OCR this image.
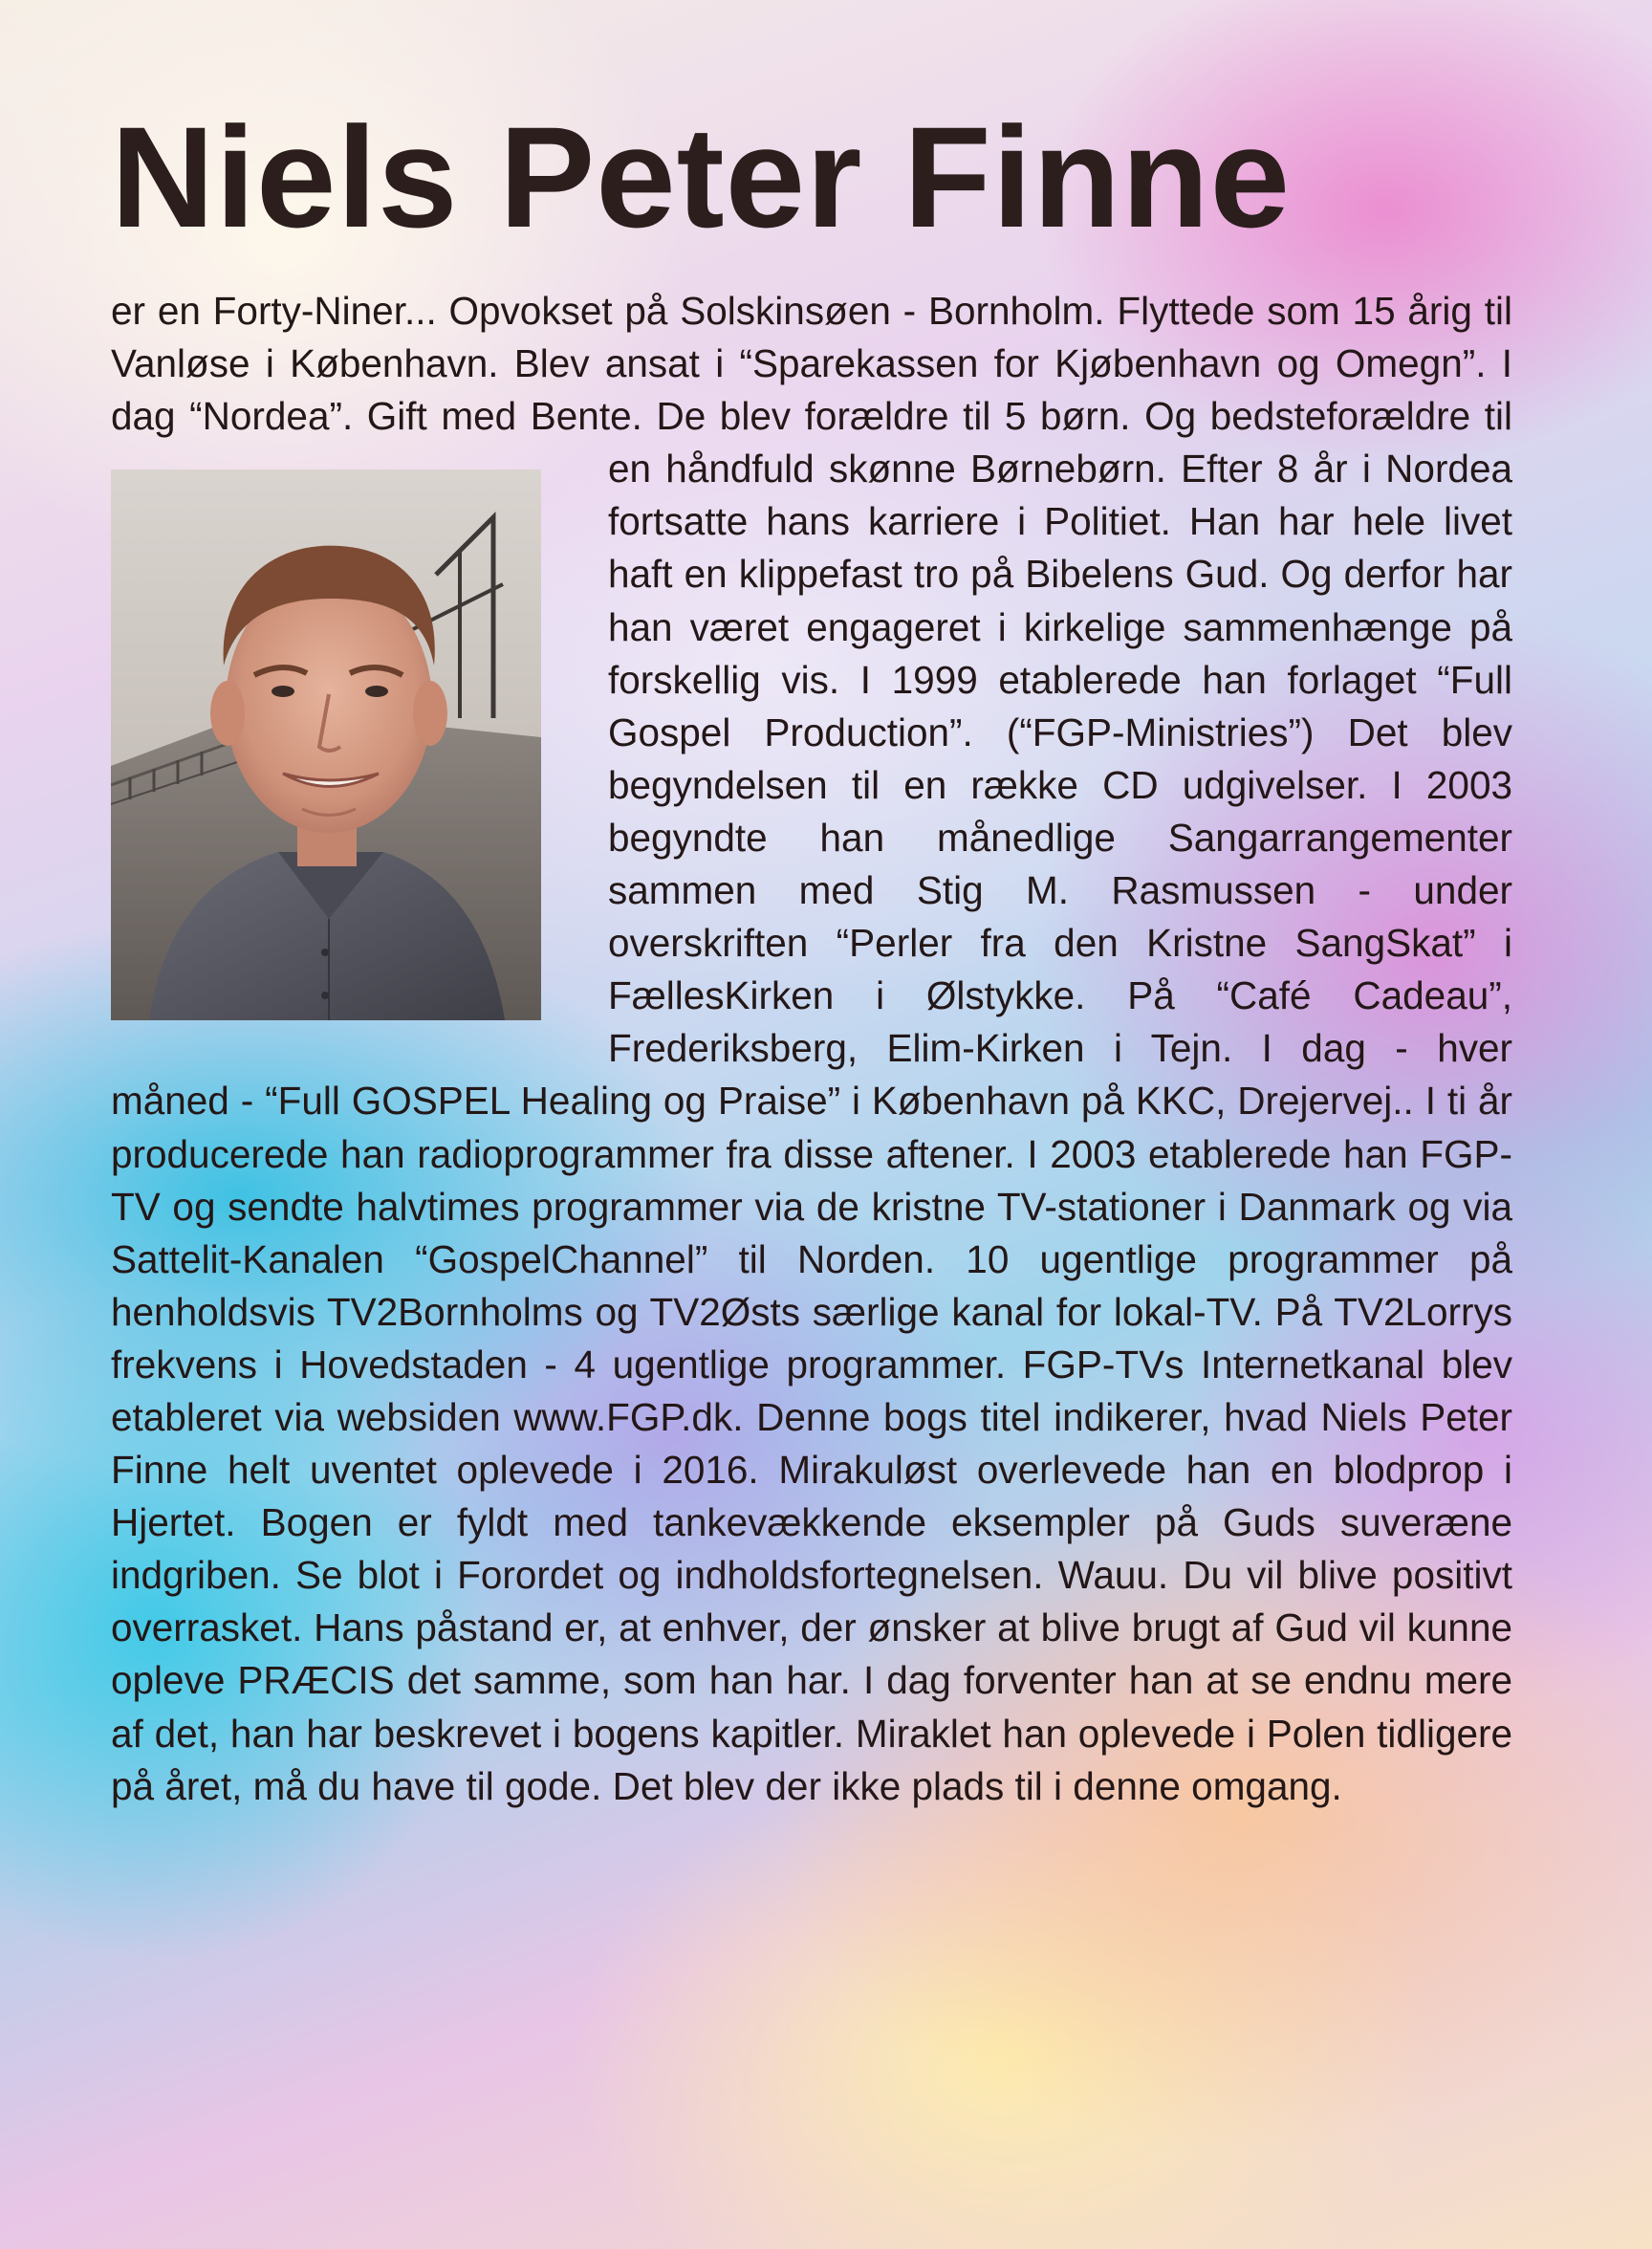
Niels Peter Finne
er en Forty-Niner... Opvokset på Solskinsøen - Bornholm. Flyttede som 15 årig til Vanløse i København. Blev ansat i “Sparekassen for Kjøbenhavn og Omegn”. I dag “Nordea”. Gift med Bente. De blev forældre til 5 børn. Og bedsteforældre til en håndfuld skønne Børnebørn. Efter 8 år i Nordea fortsatte hans karriere i Politiet. Han har hele livet haft en klippefast tro på Bibelens Gud. Og derfor har han været engageret i kirkelige sammenhænge på forskellig vis. I 1999 etablerede han forlaget “Full Gospel Production”. (“FGP-Ministries”) Det blev begyndelsen til en række CD udgivelser. I 2003 begyndte han månedlige Sangarrangementer sammen med Stig M. Rasmussen - under overskriften “Perler fra den Kristne SangSkat” i FællesKirken i Ølstykke. På “Café Cadeau”, Frederiksberg, Elim-Kirken i Tejn. I dag - hver måned - “Full GOSPEL Healing og Praise” i København på KKC, Drejervej.. I ti år producerede han radioprogrammer fra disse aftener. I 2003 etablerede han FGP-TV og sendte halvtimes programmer via de kristne TV-stationer i Danmark og via Sattelit-Kanalen “GospelChannel” til Norden. 10 ugentlige programmer på henholdsvis TV2Bornholms og TV2Østs særlige kanal for lokal-TV. På TV2Lorrys frekvens i Hovedstaden - 4 ugentlige programmer. FGP-TVs Internetkanal blev etableret via websiden www.FGP.dk. Denne bogs titel indikerer, hvad Niels Peter Finne helt uventet oplevede i 2016. Mirakuløst overlevede han en blodprop i Hjertet. Bogen er fyldt med tankevækkende eksempler på Guds suveræne indgriben. Se blot i Forordet og indholdsfortegnelsen. Wauu. Du vil blive positivt overrasket. Hans påstand er, at enhver, der ønsker at blive brugt af Gud vil kunne opleve PRÆCIS det samme, som han har. I dag forventer han at se endnu mere af det, han har beskrevet i bogens kapitler. Miraklet han oplevede i Polen tidligere på året, må du have til gode. Det blev der ikke plads til i denne omgang.
